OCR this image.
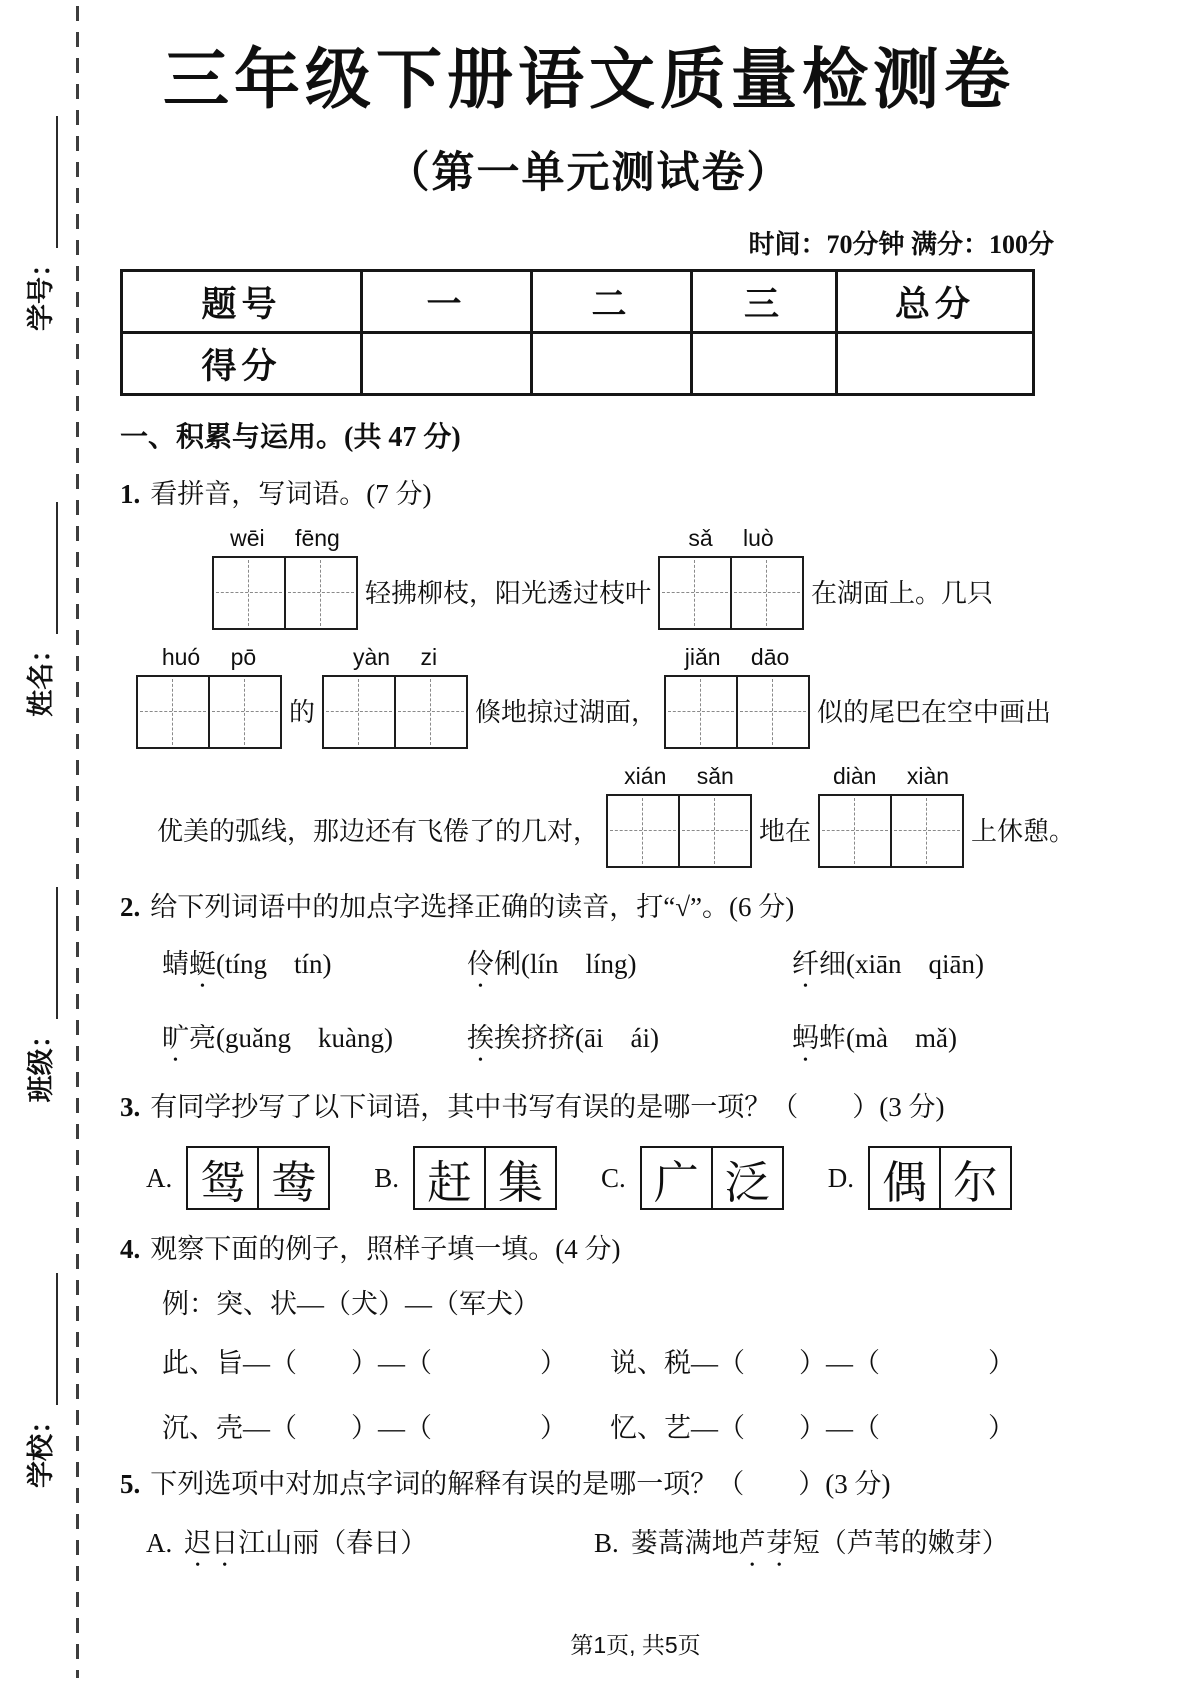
学校：
班级：
姓名：
学号：
三年级下册语文质量检测卷
（第一单元测试卷）
时间：70分钟 满分：100分
题号	一	二	三	总分
得分				
一、积累与运用。(共 47 分)
1. 看拼音，写词语。(7 分)
wēi fēng
轻拂柳枝，阳光透过枝叶
sǎ luò
在湖面上。几只
huó pō
的
yàn zi
倏地掠过湖面，
jiǎn dāo
似的尾巴在空中画出
优美的弧线，那边还有飞倦了的几对，
xián sǎn
地在
diàn xiàn
上休憩。
2. 给下列词语中的加点字选择正确的读音，打“√”。(6 分)
蜻蜓(tíng　tín)	伶俐(lín　líng)	纤细(xiān　qiān)
旷亮(guǎng　kuàng)	挨挨挤挤(āi　ái)	蚂蚱(mà　mǎ)
3. 有同学抄写了以下词语，其中书写有误的是哪一项？（　　）(3 分)
A. 鸳 鸯	B. 赶 集	C. 广 泛	D. 偶 尔
4. 观察下面的例子，照样子填一填。(4 分)
例：突、状—（犬）—（军犬）
此、旨—（　　）—（　　　　）	说、税—（　　）—（　　　　）
沉、壳—（　　）—（　　　　）	忆、艺—（　　）—（　　　　）
5. 下列选项中对加点字词的解释有误的是哪一项？（　　）(3 分)
A. 迟日江山丽（春日）	B. 蒌蒿满地芦芽短（芦苇的嫩芽）
第1页, 共5页
